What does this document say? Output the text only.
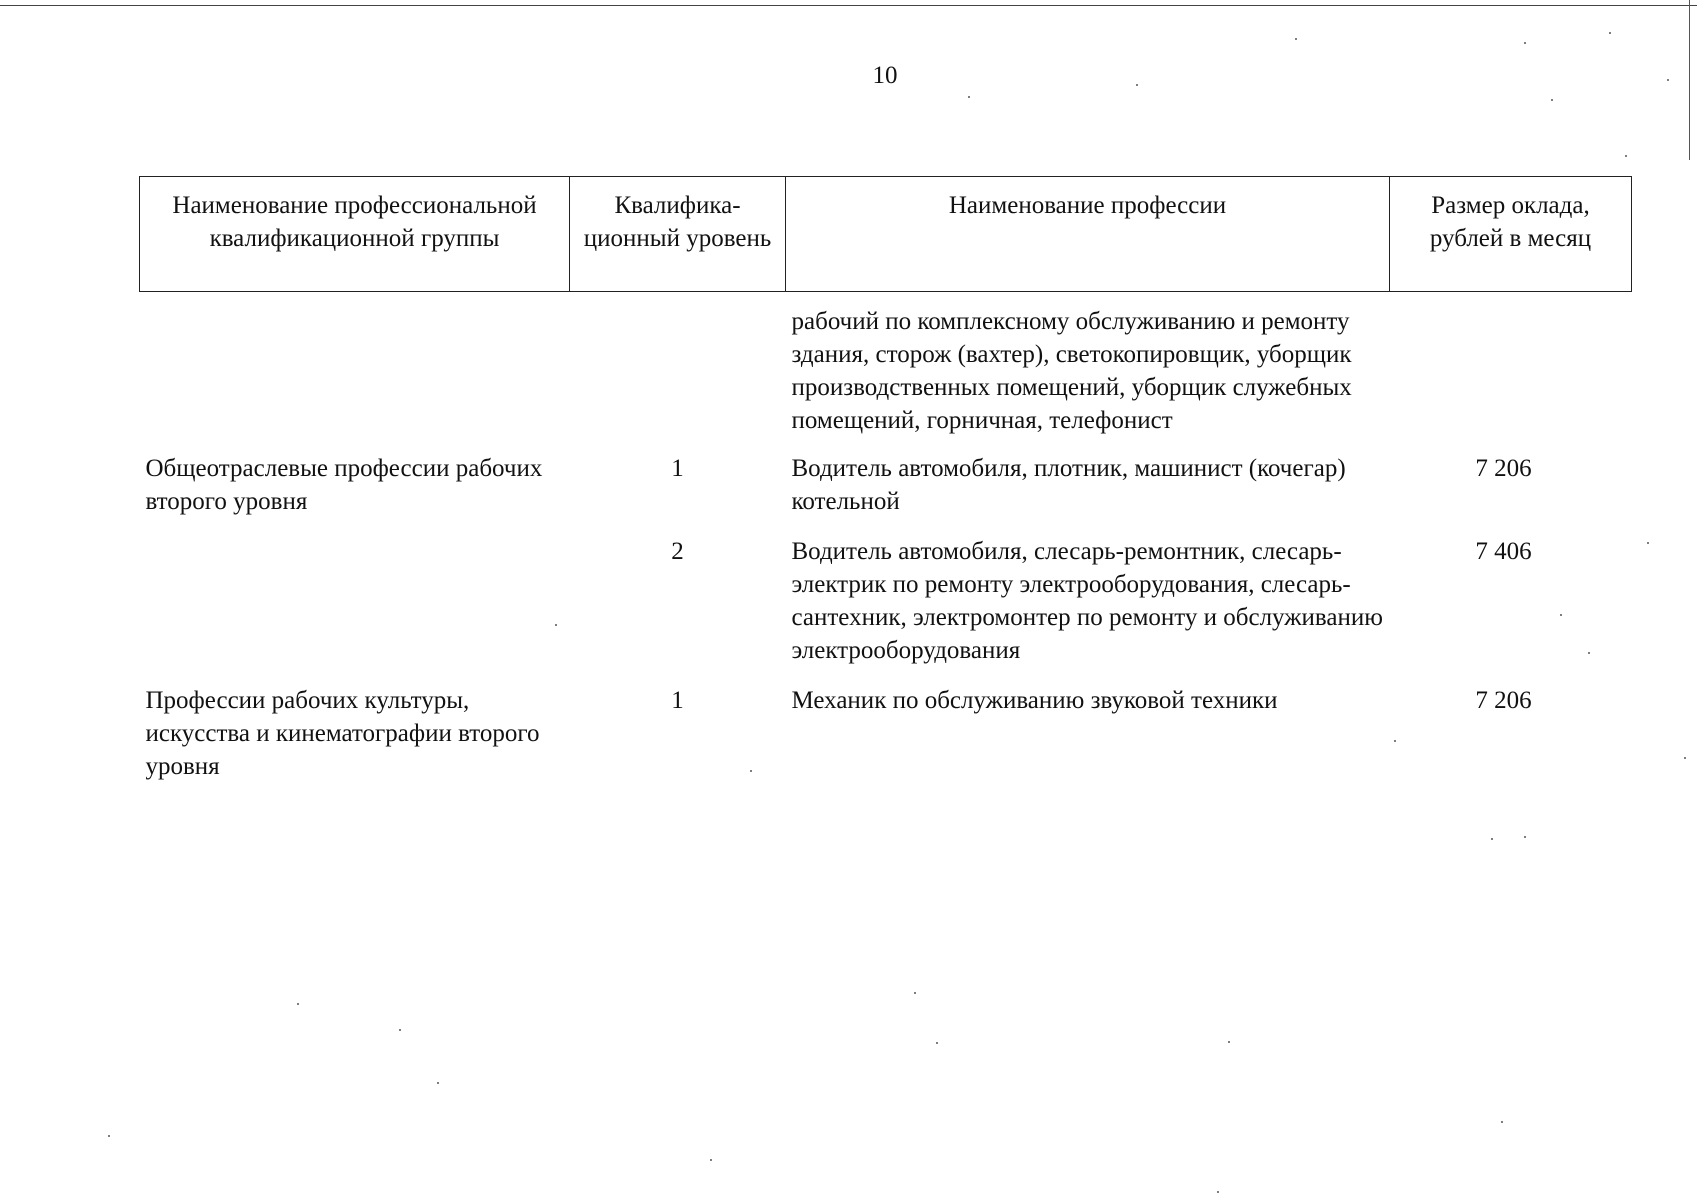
10
Наименование профессиональной квалификационной группы	Квалифика-ционный уровень	Наименование профессии	Размер оклада, рублей в месяц
		рабочий по комплексному обслуживанию и ремонту здания, сторож (вахтер), светокопировщик, уборщик производственных помещений, уборщик служебных помещений, горничная, телефонист	
Общеотраслевые профессии рабочих второго уровня	1	Водитель автомобиля, плотник, машинист (кочегар) котельной	7 206
	2	Водитель автомобиля, слесарь-ремонтник, слесарь-электрик по ремонту электрооборудования, слесарь-сантехник, электромонтер по ремонту и обслуживанию электрооборудования	7 406
Профессии рабочих культуры, искусства и кинематографии второго уровня	1	Механик по обслуживанию звуковой техники	7 206
